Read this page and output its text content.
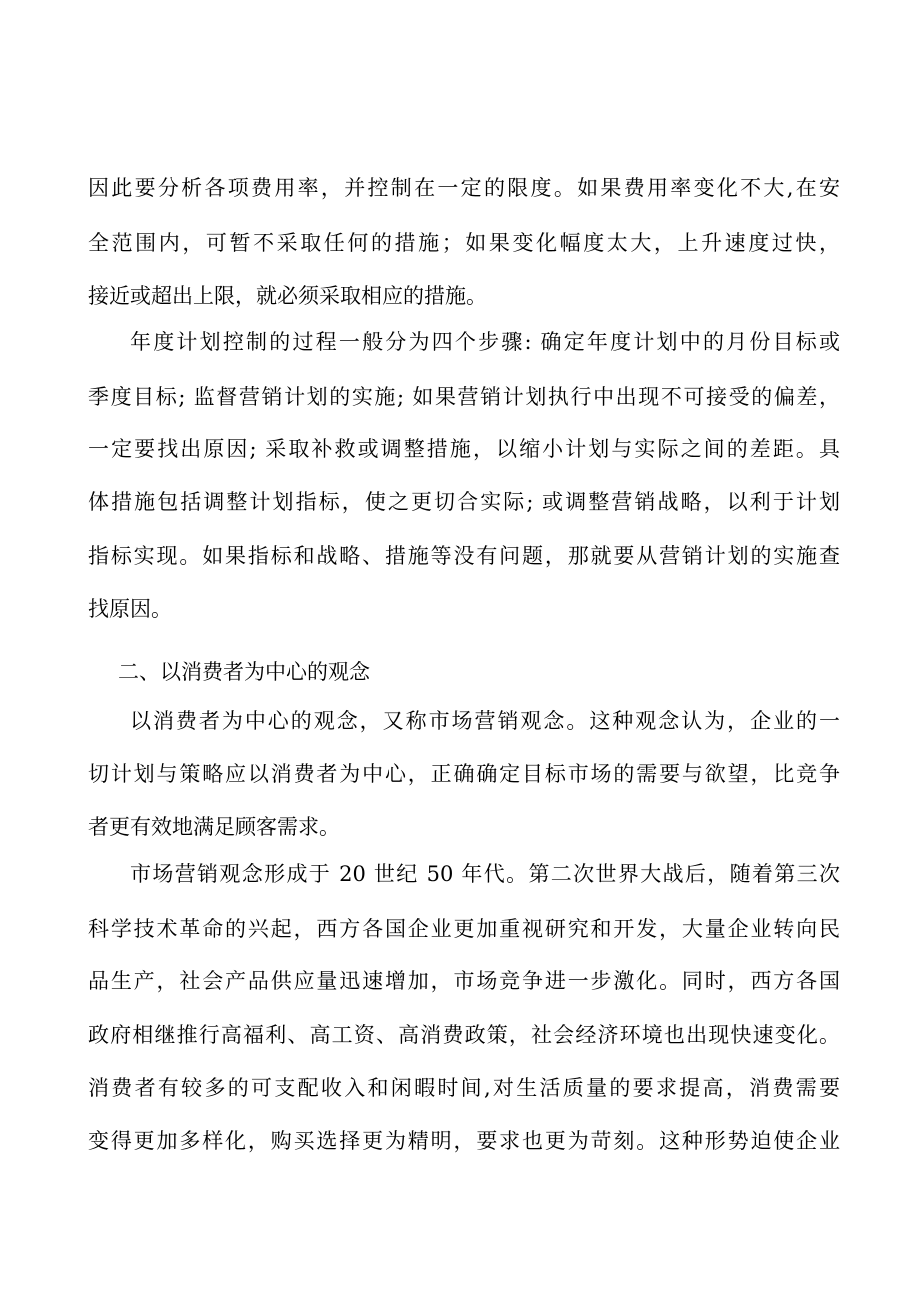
因此要分析各项费用率，并控制在一定的限度。如果费用率变化不大,在安
全范围内，可暂不采取任何的措施；如果变化幅度太大，上升速度过快，
接近或超出上限，就必须采取相应的措施。
年度计划控制的过程一般分为四个步骤: 确定年度计划中的月份目标或
季度目标; 监督营销计划的实施; 如果营销计划执行中出现不可接受的偏差，
一定要找出原因; 采取补救或调整措施，以缩小计划与实际之间的差距。具
体措施包括调整计划指标，使之更切合实际; 或调整营销战略，以利于计划
指标实现。如果指标和战略、措施等没有问题，那就要从营销计划的实施查
找原因。
二、以消费者为中心的观念
以消费者为中心的观念，又称市场营销观念。这种观念认为，企业的一
切计划与策略应以消费者为中心，正确确定目标市场的需要与欲望，比竞争
者更有效地满足顾客需求。
市场营销观念形成于 20 世纪 50 年代。第二次世界大战后，随着第三次
科学技术革命的兴起，西方各国企业更加重视研究和开发，大量企业转向民
品生产，社会产品供应量迅速增加，市场竞争进一步激化。同时，西方各国
政府相继推行高福利、高工资、高消费政策，社会经济环境也出现快速变化。
消费者有较多的可支配收入和闲暇时间,对生活质量的要求提高，消费需要
变得更加多样化，购买选择更为精明，要求也更为苛刻。这种形势迫使企业
